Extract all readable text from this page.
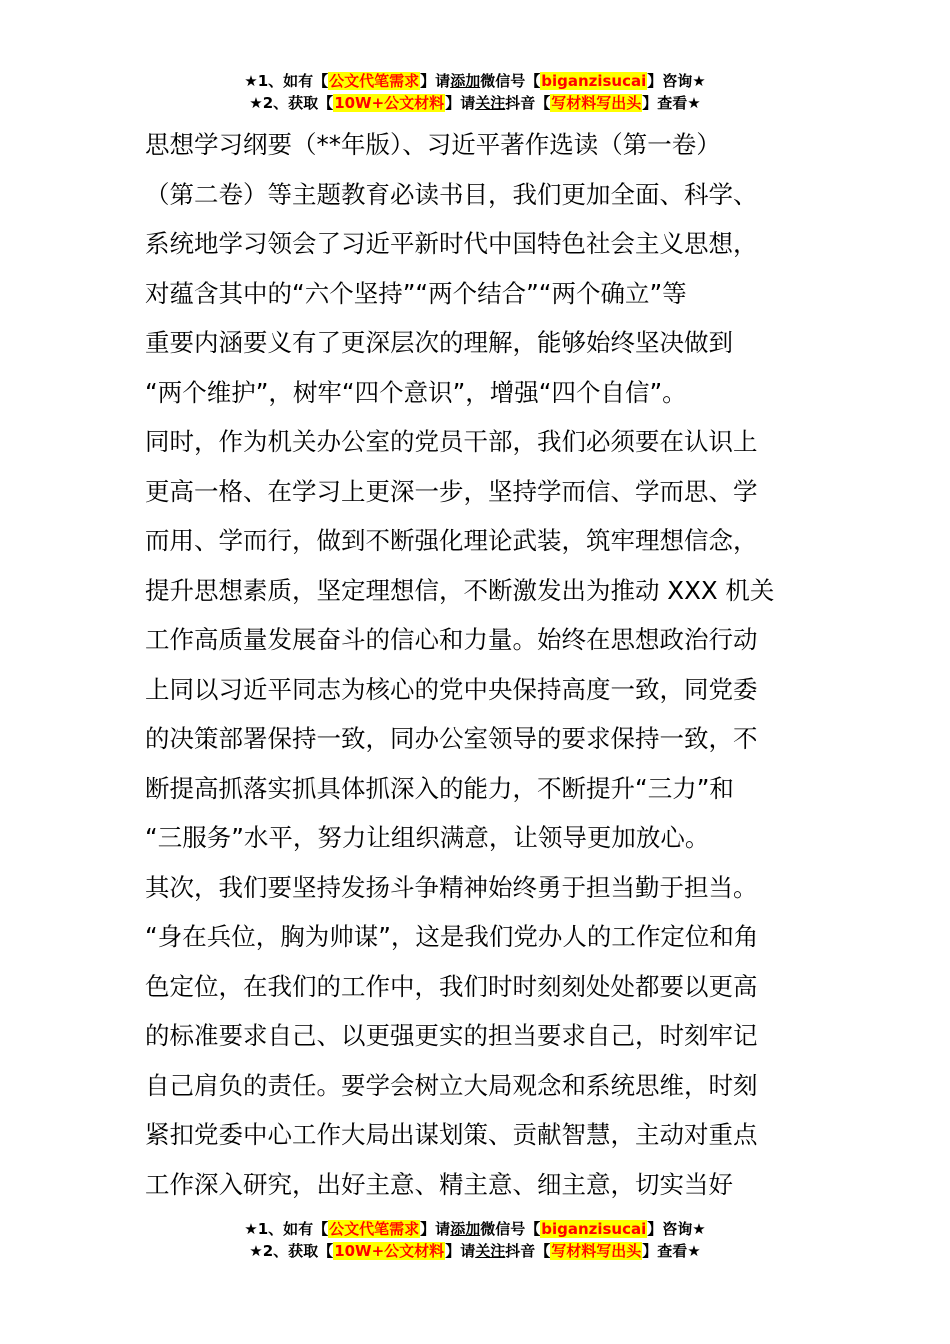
★1、如有【公文代笔需求】请添加微信号【biganzisucai】咨询★
★2、获取【10W+公文材料】请关注抖音【写材料写出头】查看★
思想学习纲要（**年版）、习近平著作选读（第一卷）
（第二卷）等主题教育必读书目，我们更加全面、科学、
系统地学习领会了习近平新时代中国特色社会主义思想，
对蕴含其中的“六个坚持”“两个结合”“两个确立”等
重要内涵要义有了更深层次的理解，能够始终坚决做到
“两个维护”，树牢“四个意识”，增强“四个自信”。
同时，作为机关办公室的党员干部，我们必须要在认识上
更高一格、在学习上更深一步，坚持学而信、学而思、学
而用、学而行，做到不断强化理论武装，筑牢理想信念，
提升思想素质，坚定理想信，不断激发出为推动 XXX 机关
工作高质量发展奋斗的信心和力量。始终在思想政治行动
上同以习近平同志为核心的党中央保持高度一致，同党委
的决策部署保持一致，同办公室领导的要求保持一致，不
断提高抓落实抓具体抓深入的能力，不断提升“三力”和
“三服务”水平，努力让组织满意，让领导更加放心。
其次，我们要坚持发扬斗争精神始终勇于担当勤于担当。
“身在兵位，胸为帅谋”，这是我们党办人的工作定位和角
色定位，在我们的工作中，我们时时刻刻处处都要以更高
的标准要求自己、以更强更实的担当要求自己，时刻牢记
自己肩负的责任。要学会树立大局观念和系统思维，时刻
紧扣党委中心工作大局出谋划策、贡献智慧，主动对重点
工作深入研究，出好主意、精主意、细主意，切实当好
★1、如有【公文代笔需求】请添加微信号【biganzisucai】咨询★
★2、获取【10W+公文材料】请关注抖音【写材料写出头】查看★
